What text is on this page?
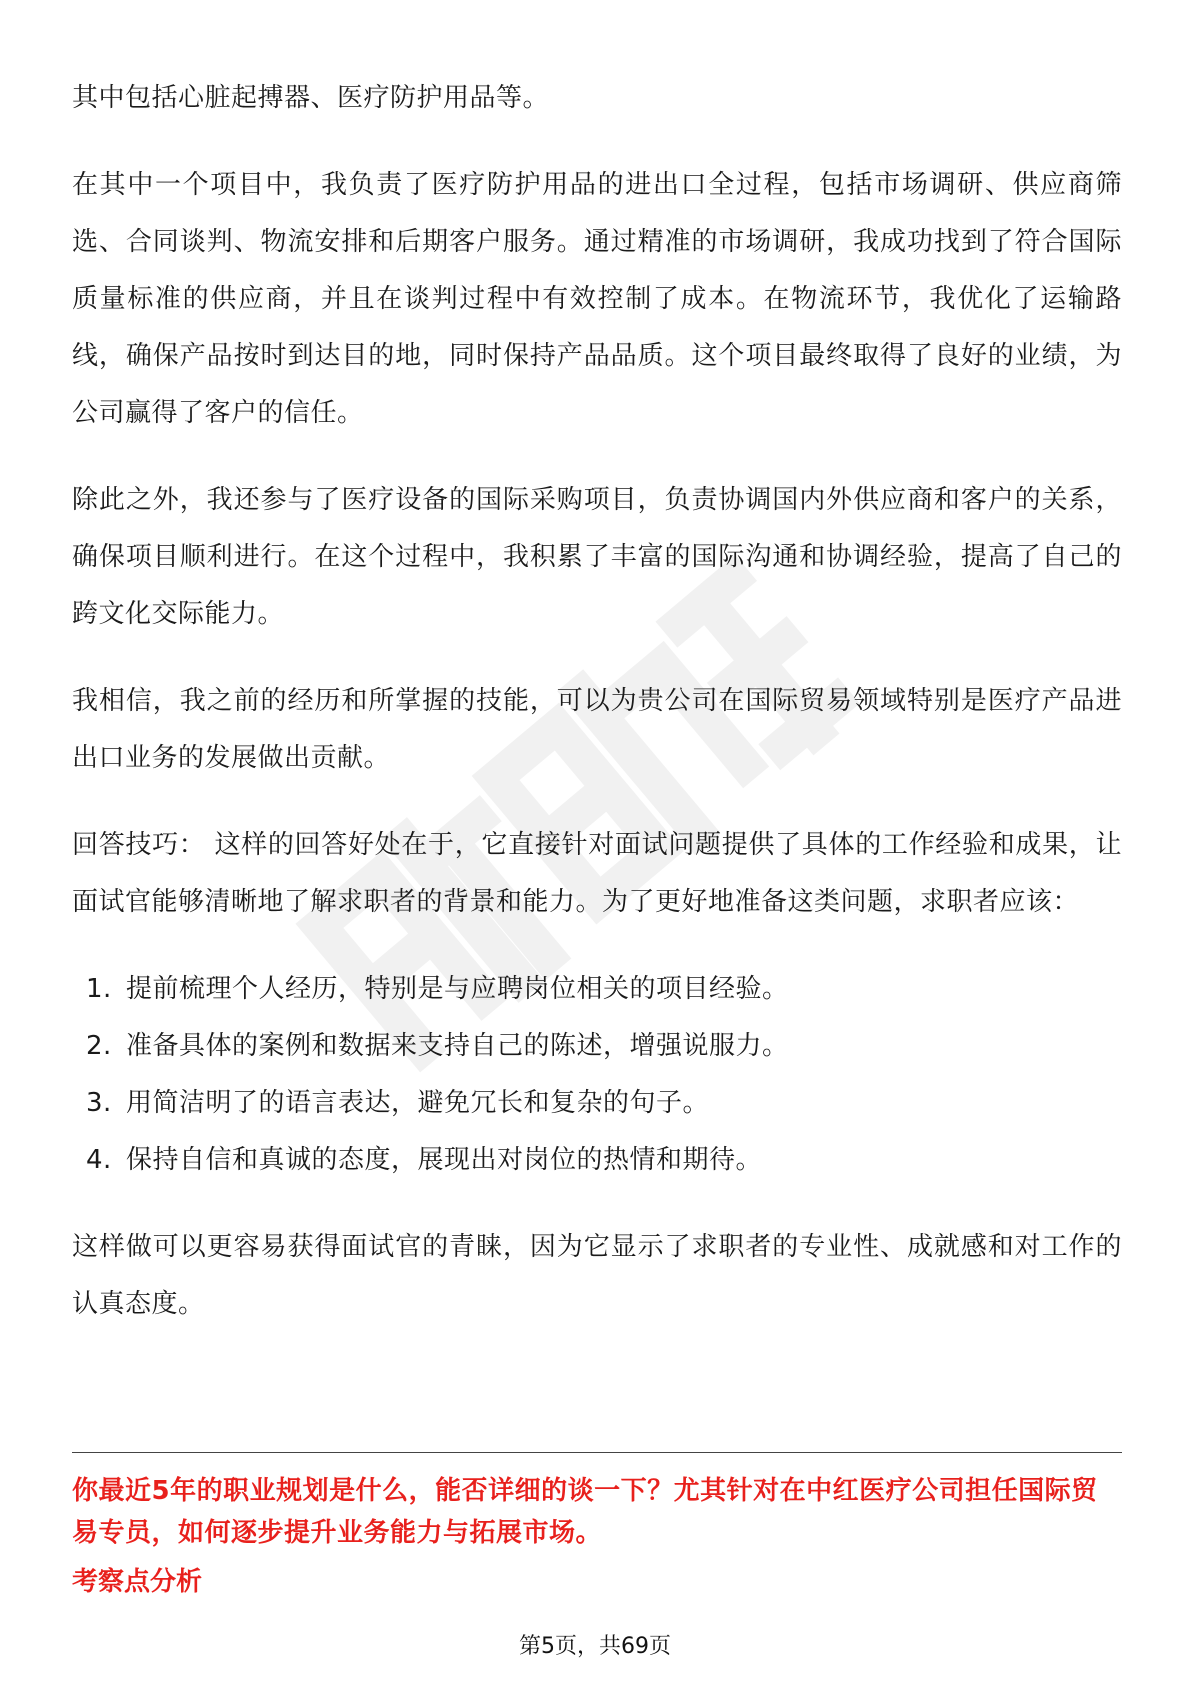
其中包括心脏起搏器、医疗防护用品等。

在其中一个项目中，我负责了医疗防护用品的进出口全过程，包括市场调研、供应商筛选、合同谈判、物流安排和后期客户服务。通过精准的市场调研，我成功找到了符合国际质量标准的供应商，并且在谈判过程中有效控制了成本。在物流环节，我优化了运输路线，确保产品按时到达目的地，同时保持产品品质。这个项目最终取得了良好的业绩，为公司赢得了客户的信任。

除此之外，我还参与了医疗设备的国际采购项目，负责协调国内外供应商和客户的关系，确保项目顺利进行。在这个过程中，我积累了丰富的国际沟通和协调经验，提高了自己的跨文化交际能力。

我相信，我之前的经历和所掌握的技能，可以为贵公司在国际贸易领域特别是医疗产品进出口业务的发展做出贡献。

回答技巧： 这样的回答好处在于，它直接针对面试问题提供了具体的工作经验和成果，让面试官能够清晰地了解求职者的背景和能力。为了更好地准备这类问题，求职者应该：

1. 提前梳理个人经历，特别是与应聘岗位相关的项目经验。
2. 准备具体的案例和数据来支持自己的陈述，增强说服力。
3. 用简洁明了的语言表达，避免冗长和复杂的句子。
4. 保持自信和真诚的态度，展现出对岗位的热情和期待。

这样做可以更容易获得面试官的青睐，因为它显示了求职者的专业性、成就感和对工作的认真态度。

你最近5年的职业规划是什么，能否详细的谈一下？尤其针对在中红医疗公司担任国际贸易专员，如何逐步提升业务能力与拓展市场。
考察点分析
第5页，共69页
